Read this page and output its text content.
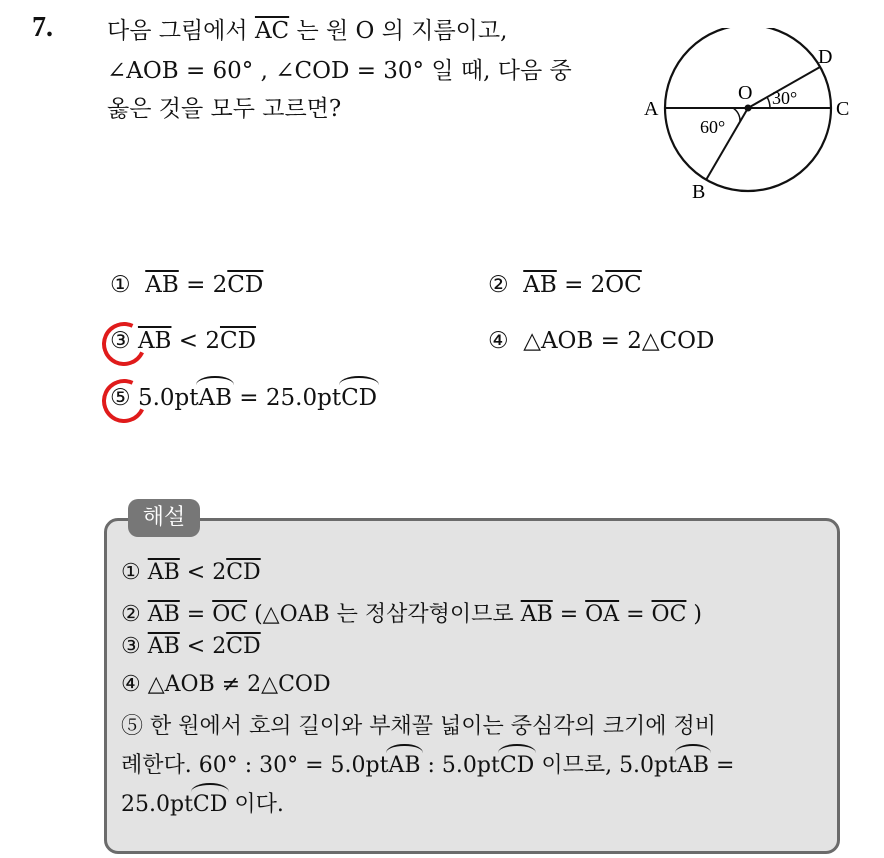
7. 다음 그림에서 $\overline{AC}$ 는 원 O 의 지름이고,
∠AOB = 60° , ∠COD = 30° 일 때, 다음 중
옳은 것을 모두 고르면?	A	C
D
B
O
60°
30°
① $\overline{AB} = 2\overline{CD}$	② $\overline{AB} = 2\overline{OC}$
③ $\overline{AB} < 2\overline{CD}$	④ △AOB = 2△COD
⑤ 5.0ptAB = 25.0ptCD
해설
① $\overline{AB} < 2\overline{CD}$
② $\overline{AB} = \overline{OC}$ (△OAB 는 정삼각형이므로 $\overline{AB} = \overline{OA} = \overline{OC}$ )
③ $\overline{AB} < 2\overline{CD}$
④ △AOB ≠ 2△COD
⑤ 한 원에서 호의 길이와 부채꼴 넓이는 중심각의 크기에 정비
례한다. 60° : 30° = 5.0ptAB : 5.0ptCD 이므로, 5.0ptAB =
25.0ptCD 이다.
